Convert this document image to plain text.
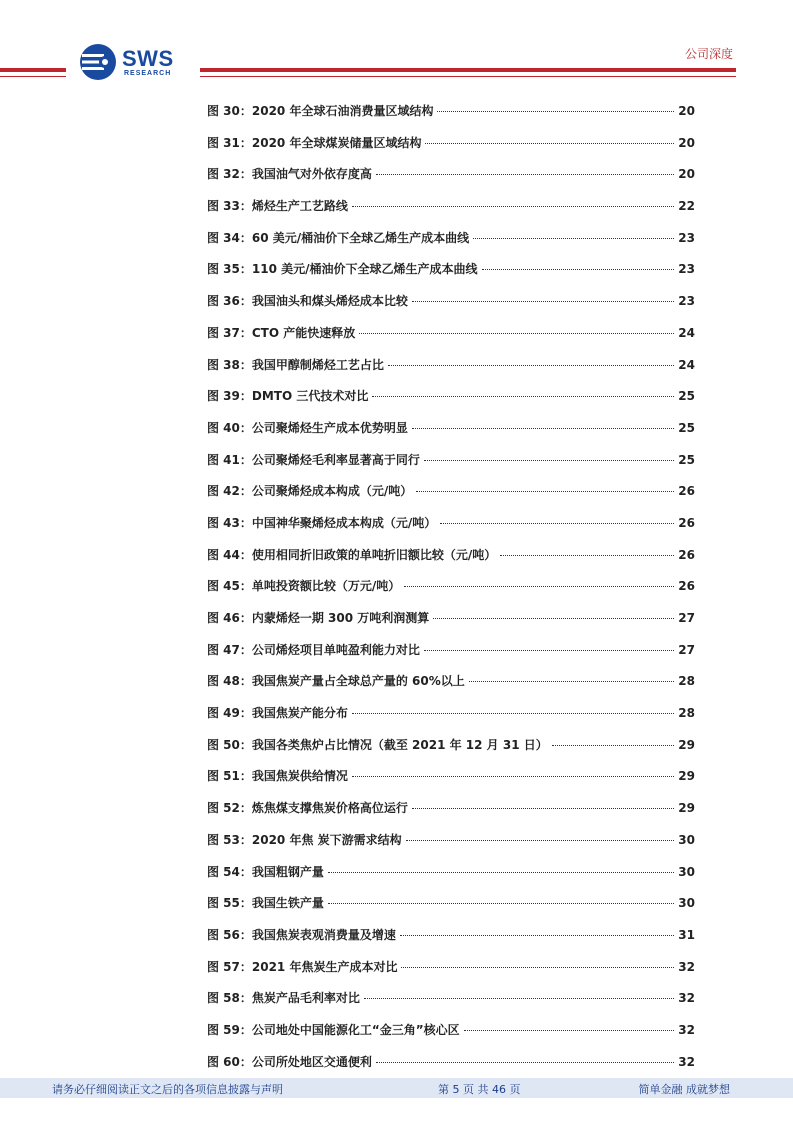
SWS
RESEARCH
公司深度
图 30：2020 年全球石油消费量区域结构	20
图 31：2020 年全球煤炭储量区域结构	20
图 32：我国油气对外依存度高	20
图 33：烯烃生产工艺路线	22
图 34：60 美元/桶油价下全球乙烯生产成本曲线	23
图 35：110 美元/桶油价下全球乙烯生产成本曲线	23
图 36：我国油头和煤头烯烃成本比较	23
图 37：CTO 产能快速释放	24
图 38：我国甲醇制烯烃工艺占比	24
图 39：DMTO 三代技术对比	25
图 40：公司聚烯烃生产成本优势明显	25
图 41：公司聚烯烃毛利率显著高于同行	25
图 42：公司聚烯烃成本构成（元/吨）	26
图 43：中国神华聚烯烃成本构成（元/吨）	26
图 44：使用相同折旧政策的单吨折旧额比较（元/吨）	26
图 45：单吨投资额比较（万元/吨）	26
图 46：内蒙烯烃一期 300 万吨利润测算	27
图 47：公司烯烃项目单吨盈利能力对比	27
图 48：我国焦炭产量占全球总产量的 60%以上	28
图 49：我国焦炭产能分布	28
图 50：我国各类焦炉占比情况（截至 2021 年 12 月 31 日）	29
图 51：我国焦炭供给情况	29
图 52：炼焦煤支撑焦炭价格高位运行	29
图 53：2020 年焦 炭下游需求结构	30
图 54：我国粗钢产量	30
图 55：我国生铁产量	30
图 56：我国焦炭表观消费量及增速	31
图 57：2021 年焦炭生产成本对比	32
图 58：焦炭产品毛利率对比	32
图 59：公司地处中国能源化工“金三角”核心区	32
图 60：公司所处地区交通便利	32
请务必仔细阅读正文之后的各项信息披露与声明	第 5 页 共 46 页	简单金融 成就梦想
